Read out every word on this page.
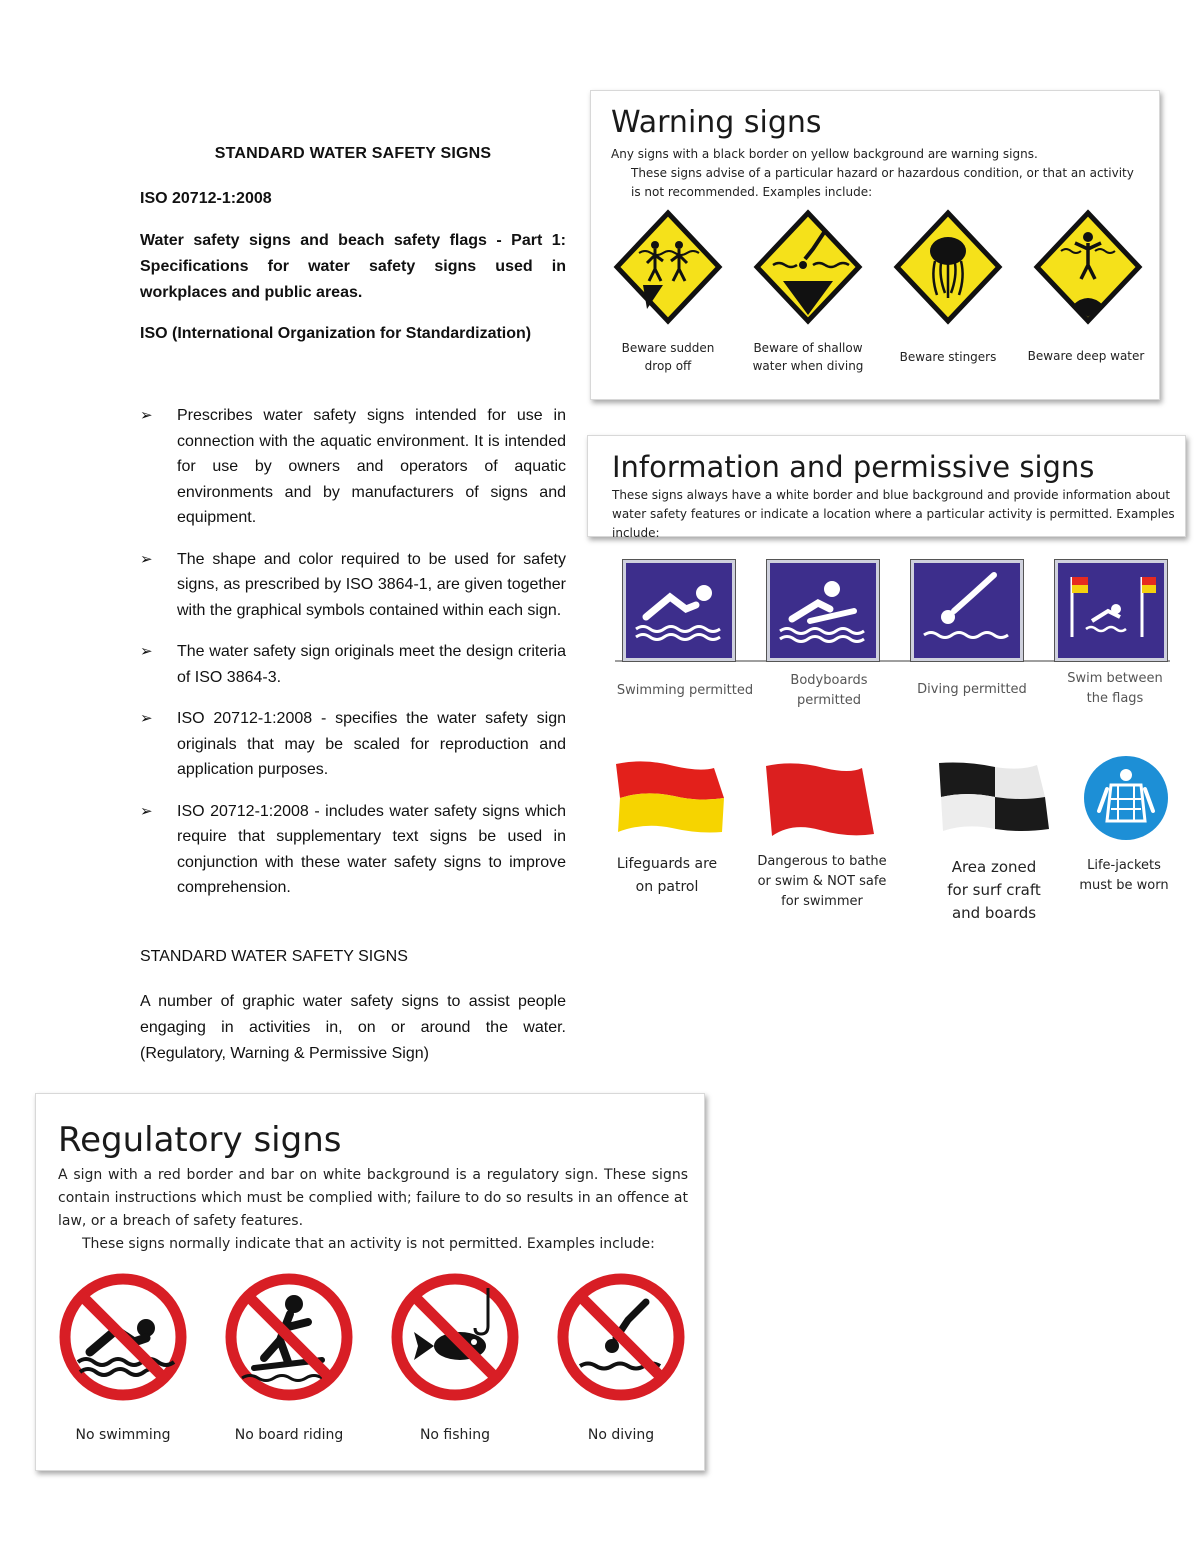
STANDARD WATER SAFETY SIGNS
ISO 20712-1:2008
Water safety signs and beach safety flags - Part 1: Specifications for water safety signs used in workplaces and public areas.
ISO (International Organization for Standardization)
➢ Prescribes water safety signs intended for use in connection with the aquatic environment. It is intended for use by owners and operators of aquatic environments and by manufacturers of signs and equipment.
➢ The shape and color required to be used for safety signs, as prescribed by ISO 3864-1, are given together with the graphical symbols contained within each sign.
➢ The water safety sign originals meet the design criteria of ISO 3864-3.
➢ ISO 20712-1:2008 - specifies the water safety sign originals that may be scaled for reproduction and application purposes.
➢ ISO 20712-1:2008 - includes water safety signs which require that supplementary text signs be used in conjunction with these water safety signs to improve comprehension.
STANDARD WATER SAFETY SIGNS
A number of graphic water safety signs to assist people engaging in activities in, on or around the water. (Regulatory, Warning & Permissive Sign)
Warning signs
Any signs with a black border on yellow background are warning signs.
These signs advise of a particular hazard or hazardous condition, or that an activity is not recommended. Examples include:
Beware sudden
drop off
Beware of shallow
water when diving
Beware stingers	Beware deep water
Information and permissive signs
These signs always have a white border and blue background and provide information about water safety features or indicate a location where a particular activity is permitted. Examples include:
Swimming permitted
Bodyboards
permitted
Diving permitted
Swim between
the flags
Lifeguards are
on patrol
Dangerous to bathe
or swim & NOT safe
for swimmer
Area zoned
for surf craft
and boards
Life-jackets
must be worn
Regulatory signs
A sign with a red border and bar on white background is a regulatory sign. These signs contain instructions which must be complied with; failure to do so results in an offence at law, or a breach of safety features.
These signs normally indicate that an activity is not permitted. Examples include:
No swimming	No board riding	No fishing	No diving
